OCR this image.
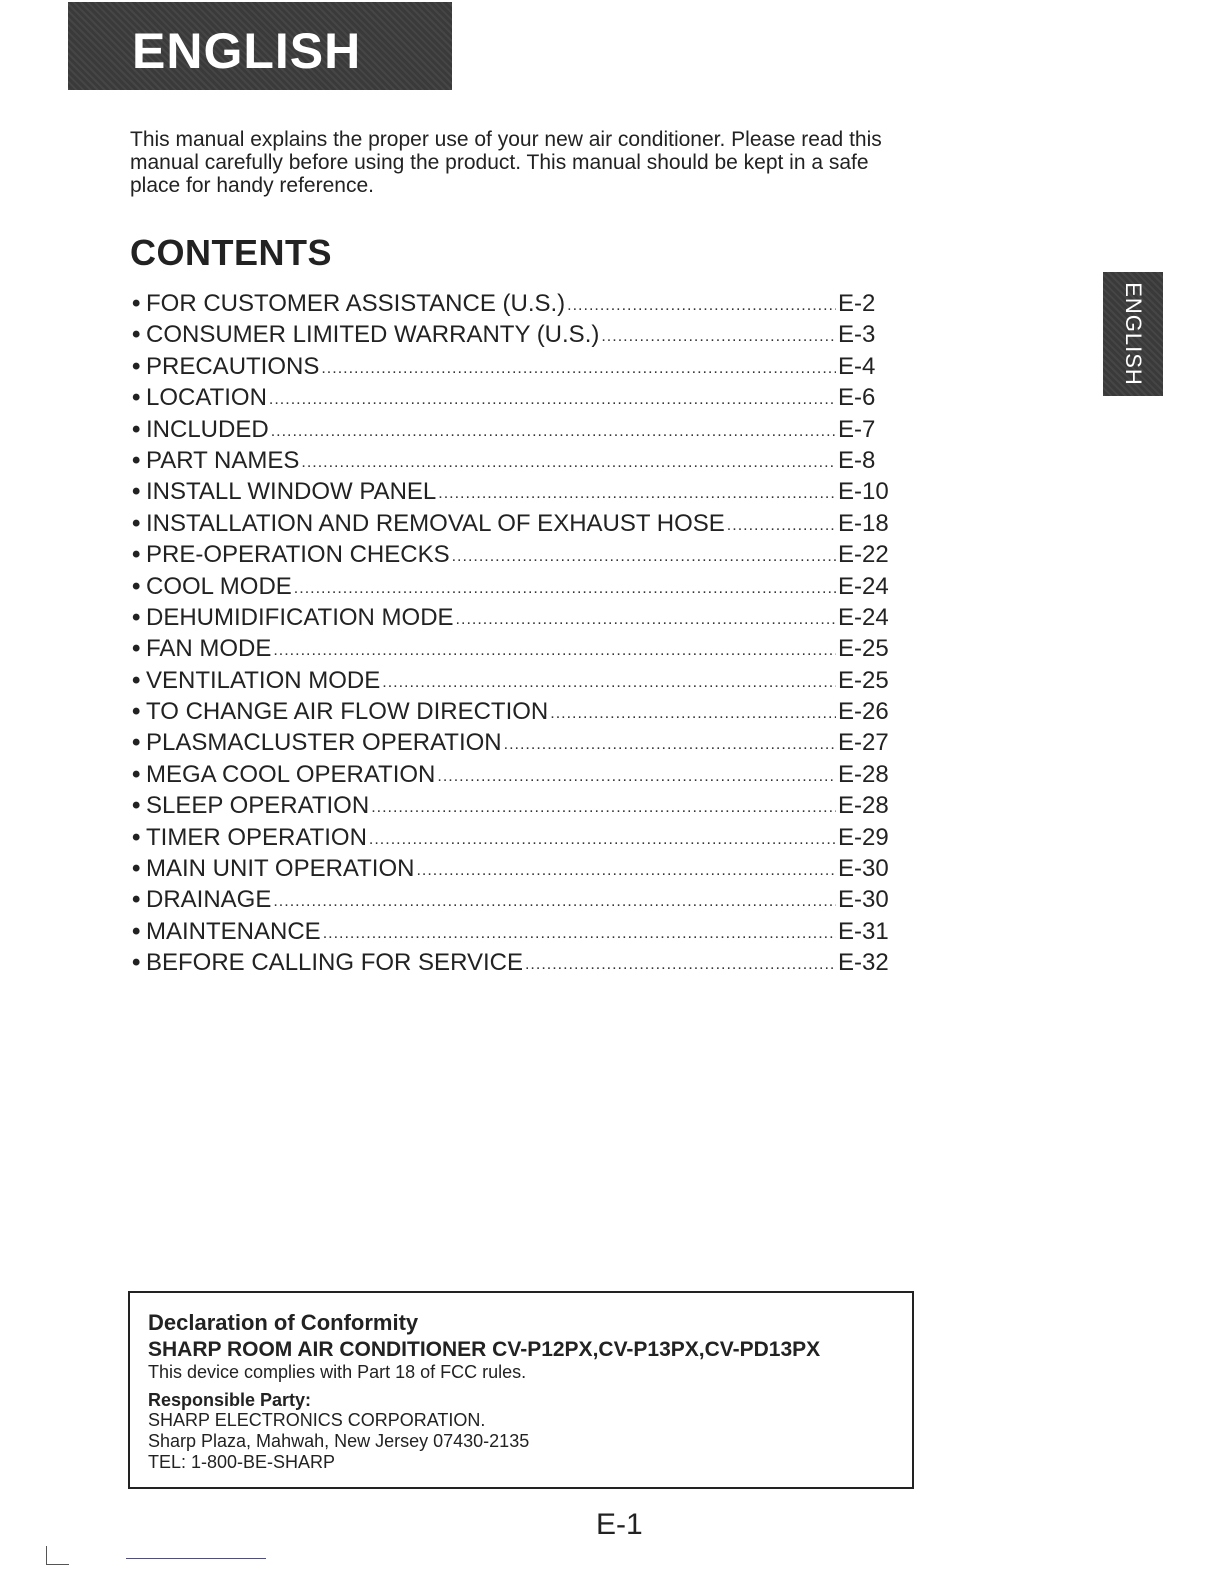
ENGLISH
This manual explains the proper use of your new air conditioner. Please read this manual carefully before using the product. This manual should be kept in a safe place for handy reference.
CONTENTS
• FOR CUSTOMER ASSISTANCE (U.S.) .....	E-2
• CONSUMER LIMITED WARRANTY (U.S.) .....	E-3
• PRECAUTIONS .....	E-4
• LOCATION .....	E-6
• INCLUDED .....	E-7
• PART NAMES .....	E-8
• INSTALL WINDOW PANEL .....	E-10
• INSTALLATION AND REMOVAL OF EXHAUST HOSE .....	E-18
• PRE-OPERATION CHECKS .....	E-22
• COOL MODE .....	E-24
• DEHUMIDIFICATION MODE .....	E-24
• FAN MODE .....	E-25
• VENTILATION MODE .....	E-25
• TO CHANGE AIR FLOW DIRECTION .....	E-26
• PLASMACLUSTER OPERATION .....	E-27
• MEGA COOL OPERATION .....	E-28
• SLEEP OPERATION .....	E-28
• TIMER OPERATION .....	E-29
• MAIN UNIT OPERATION .....	E-30
• DRAINAGE .....	E-30
• MAINTENANCE .....	E-31
• BEFORE CALLING FOR SERVICE .....	E-32
ENGLISH
Declaration of Conformity
SHARP ROOM AIR CONDITIONER CV-P12PX,CV-P13PX,CV-PD13PX
This device complies with Part 18 of FCC rules.
Responsible Party:
SHARP ELECTRONICS CORPORATION.
Sharp Plaza, Mahwah, New Jersey 07430-2135
TEL: 1-800-BE-SHARP
E-1
